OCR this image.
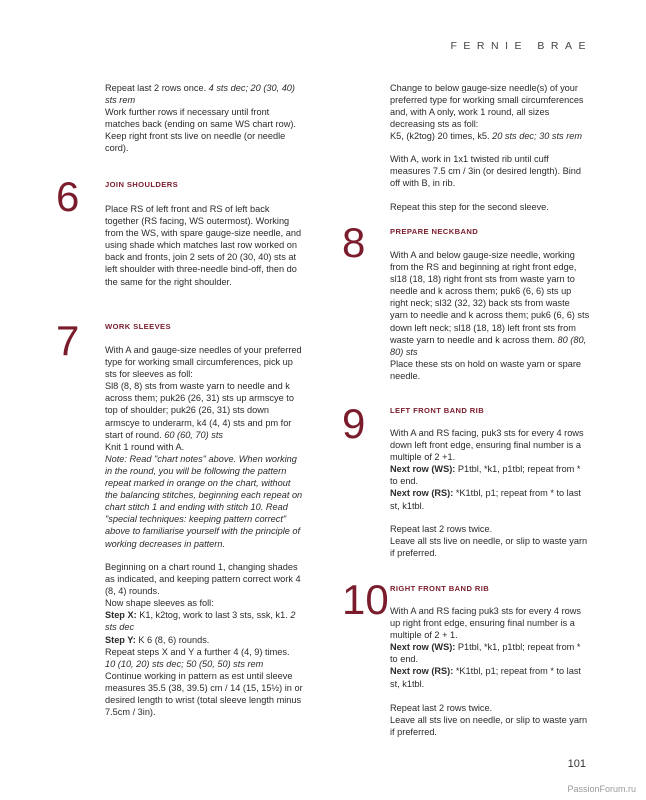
FERNIE BRAE

Repeat last 2 rows once. 4 sts dec; 20 (30, 40) sts rem

Work further rows if necessary until front matches back (ending on same WS chart row).

Keep right front sts live on needle (or needle cord).

6	JOIN SHOULDERS

Place RS of left front and RS of left back together (RS facing, WS outermost). Working from the WS, with spare gauge-size needle, and using shade which matches last row worked on back and fronts, join 2 sets of 20 (30, 40) sts at left shoulder with three-needle bind-off, then do the same for the right shoulder.

7	WORK SLEEVES

With A and gauge-size needles of your preferred type for working small circumferences, pick up sts for sleeves as foll:

Sl8 (8, 8) sts from waste yarn to needle and k across them; puk26 (26, 31) sts up armscye to top of shoulder; puk26 (26, 31) sts down armscye to underarm, k4 (4, 4) sts and pm for start of round. 60 (60, 70) sts

Knit 1 round with A.

Note: Read "chart notes" above. When working in the round, you will be following the pattern repeat marked in orange on the chart, without the balancing stitches, beginning each repeat on chart stitch 1 and ending with stitch 10. Read "special techniques: keeping pattern correct" above to familiarise yourself with the principle of working decreases in pattern.

Beginning on a chart round 1, changing shades as indicated, and keeping pattern correct work 4 (8, 4) rounds.

Now shape sleeves as foll:

Step X: K1, k2tog, work to last 3 sts, ssk, k1. 2 sts dec

Step Y: K 6 (8, 6) rounds.

Repeat steps X and Y a further 4 (4, 9) times.

10 (10, 20) sts dec; 50 (50, 50) sts rem

Continue working in pattern as est until sleeve measures 35.5 (38, 39.5) cm / 14 (15, 15½) in or desired length to wrist (total sleeve length minus 7.5cm / 3in).

Change to below gauge-size needle(s) of your preferred type for working small circumferences and, with A only, work 1 round, all sizes decreasing sts as foll:

K5, (k2tog) 20 times, k5. 20 sts dec; 30 sts rem

With A, work in 1x1 twisted rib until cuff measures 7.5 cm / 3in (or desired length). Bind off with B, in rib.

Repeat this step for the second sleeve.

8	PREPARE NECKBAND

With A and below gauge-size needle, working from the RS and beginning at right front edge, sl18 (18, 18) right front sts from waste yarn to needle and k across them; puk6 (6, 6) sts up right neck; sl32 (32, 32) back sts from waste yarn to needle and k across them; puk6 (6, 6) sts down left neck; sl18 (18, 18) left front sts from waste yarn to needle and k across them. 80 (80, 80) sts

Place these sts on hold on waste yarn or spare needle.

9	LEFT FRONT BAND RIB

With A and RS facing, puk3 sts for every 4 rows down left front edge, ensuring final number is a multiple of 2 +1.

Next row (WS): P1tbl, *k1, p1tbl; repeat from * to end.

Next row (RS): *K1tbl, p1; repeat from * to last st, k1tbl.

Repeat last 2 rows twice.

Leave all sts live on needle, or slip to waste yarn if preferred.

10 RIGHT FRONT BAND RIB

With A and RS facing puk3 sts for every 4 rows up right front edge, ensuring final number is a multiple of 2 + 1.

Next row (WS): P1tbl, *k1, p1tbl; repeat from * to end.

Next row (RS): *K1tbl, p1; repeat from * to last st, k1tbl.

Repeat last 2 rows twice.

Leave all sts live on needle, or slip to waste yarn if preferred.

101
PassionForum.ru
